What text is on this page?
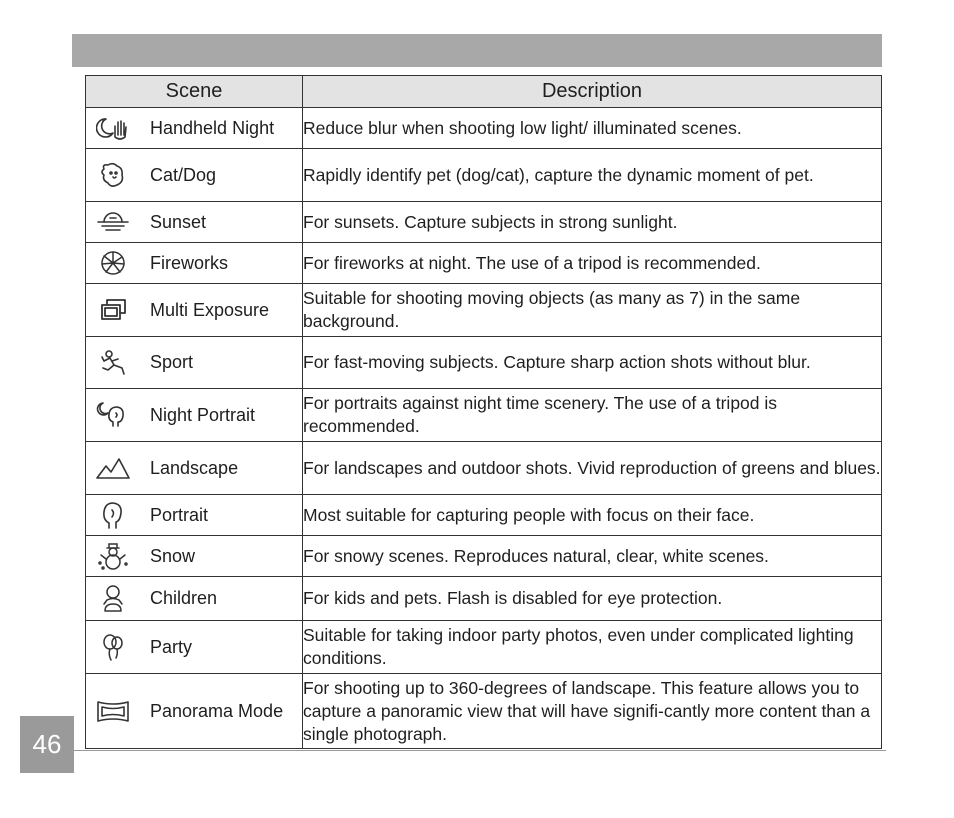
Scene	Description

Handheld Night	Reduce blur when shooting low light/ illuminated scenes.

Cat/Dog	Rapidly identify pet (dog/cat), capture the dynamic moment of pet.

Sunset	For sunsets. Capture subjects in strong sunlight.

Fireworks	For fireworks at night. The use of a tripod is recommended.

Multi Exposure	Suitable for shooting moving objects (as many as 7) in the same background.

Sport	For fast-moving subjects. Capture sharp action shots without blur.

Night Portrait	For portraits against night time scenery. The use of a tripod is recommended.

Landscape	For landscapes and outdoor shots. Vivid reproduction of greens and blues.

Portrait	Most suitable for capturing people with focus on their face.

Snow	For snowy scenes. Reproduces natural, clear, white scenes.

Children	For kids and pets. Flash is disabled for eye protection.

Party	Suitable for taking indoor party photos, even under complicated lighting conditions.

Panorama Mode	For shooting up to 360-degrees of landscape. This feature allows you to capture a panoramic view that will have signifi-cantly more content than a single photograph.
46
